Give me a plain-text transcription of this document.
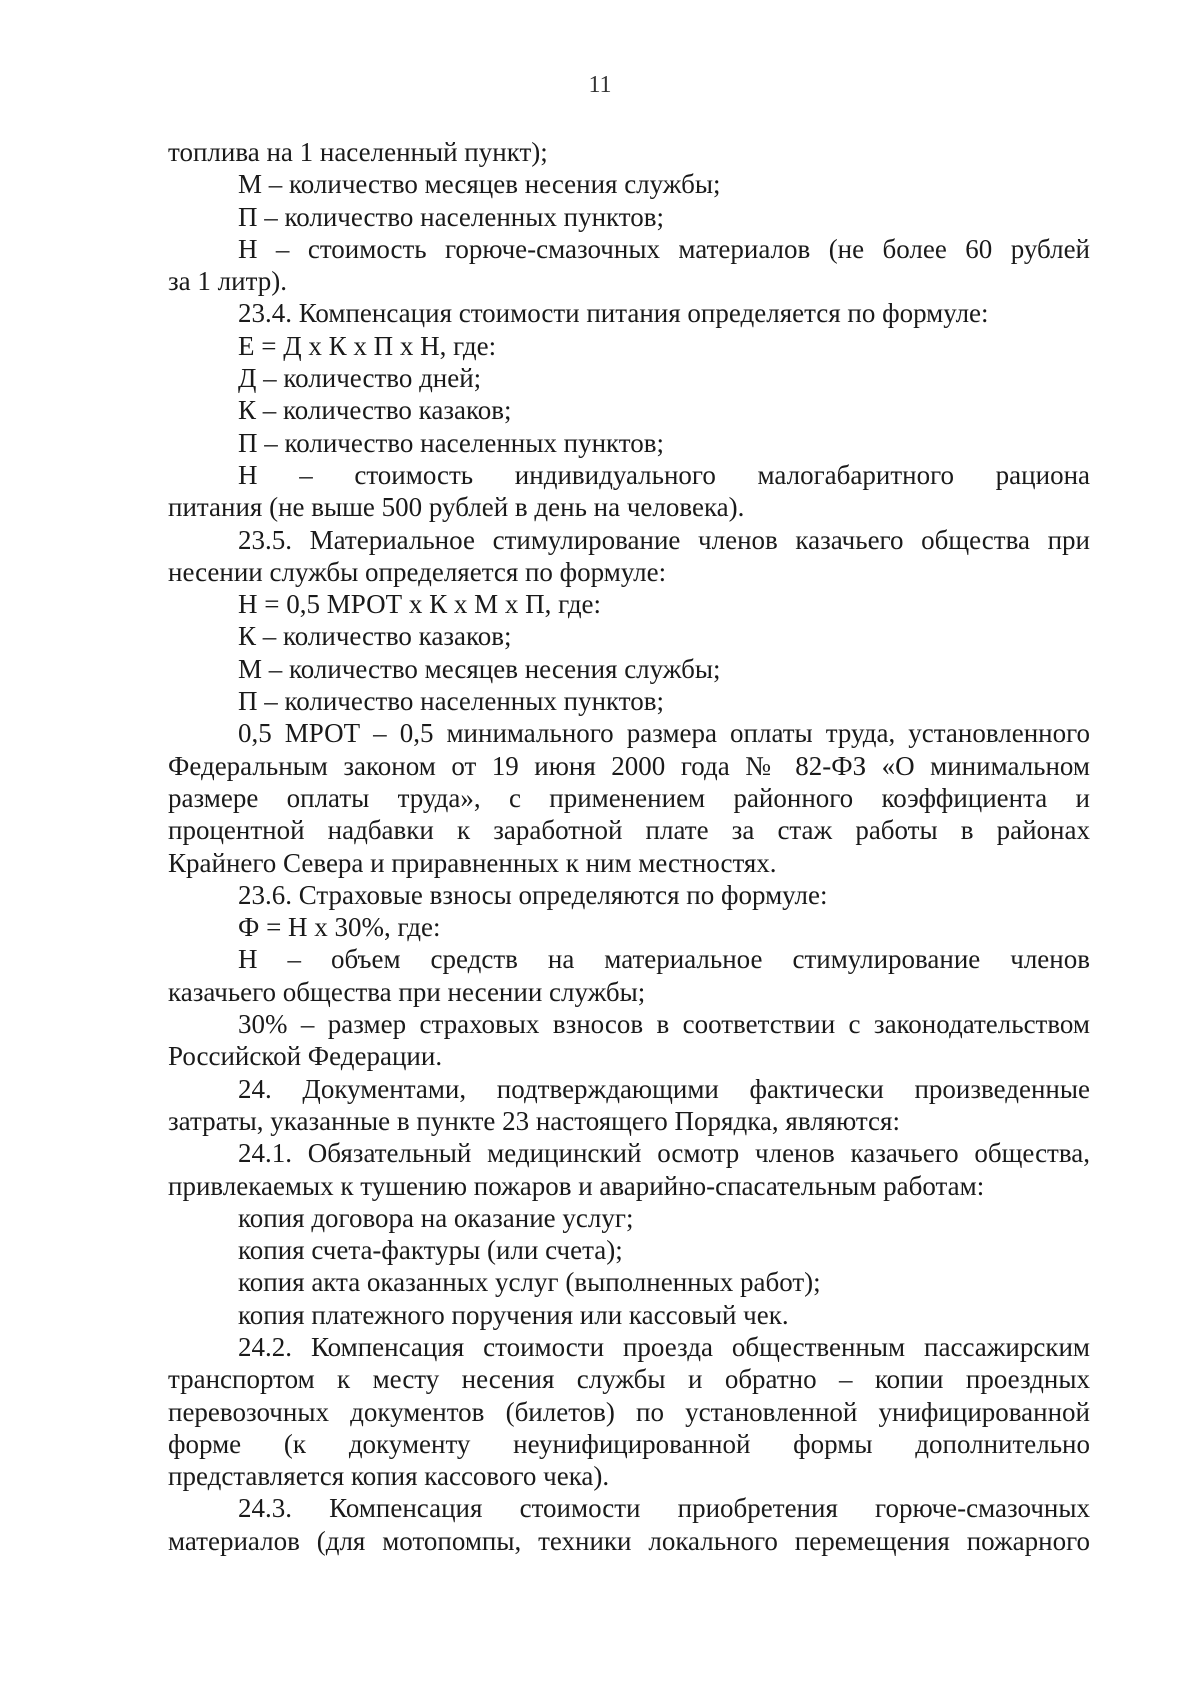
11
топлива на 1 населенный пункт);
М – количество месяцев несения службы;
П – количество населенных пунктов;
Н – стоимость горюче-смазочных материалов (не более 60 рублей
за 1 литр).
23.4. Компенсация стоимости питания определяется по формуле:
Е = Д х К х П х Н, где:
Д – количество дней;
К – количество казаков;
П – количество населенных пунктов;
Н – стоимость индивидуального малогабаритного рациона
питания (не выше 500 рублей в день на человека).
23.5. Материальное стимулирование членов казачьего общества при
несении службы определяется по формуле:
Н = 0,5 МРОТ х К х М х П, где:
К – количество казаков;
М – количество месяцев несения службы;
П – количество населенных пунктов;
0,5 МРОТ – 0,5 минимального размера оплаты труда, установленного
Федеральным законом от 19 июня 2000 года № 82-ФЗ «О минимальном
размере оплаты труда», с применением районного коэффициента и
процентной надбавки к заработной плате за стаж работы в районах
Крайнего Севера и приравненных к ним местностях.
23.6. Страховые взносы определяются по формуле:
Ф = Н х 30%, где:
Н – объем средств на материальное стимулирование членов
казачьего общества при несении службы;
30% – размер страховых взносов в соответствии с законодательством
Российской Федерации.
24. Документами, подтверждающими фактически произведенные
затраты, указанные в пункте 23 настоящего Порядка, являются:
24.1. Обязательный медицинский осмотр членов казачьего общества,
привлекаемых к тушению пожаров и аварийно-спасательным работам:
копия договора на оказание услуг;
копия счета-фактуры (или счета);
копия акта оказанных услуг (выполненных работ);
копия платежного поручения или кассовый чек.
24.2. Компенсация стоимости проезда общественным пассажирским
транспортом к месту несения службы и обратно – копии проездных
перевозочных документов (билетов) по установленной унифицированной
форме (к документу неунифицированной формы дополнительно
представляется копия кассового чека).
24.3. Компенсация стоимости приобретения горюче-смазочных
материалов (для мотопомпы, техники локального перемещения пожарного
